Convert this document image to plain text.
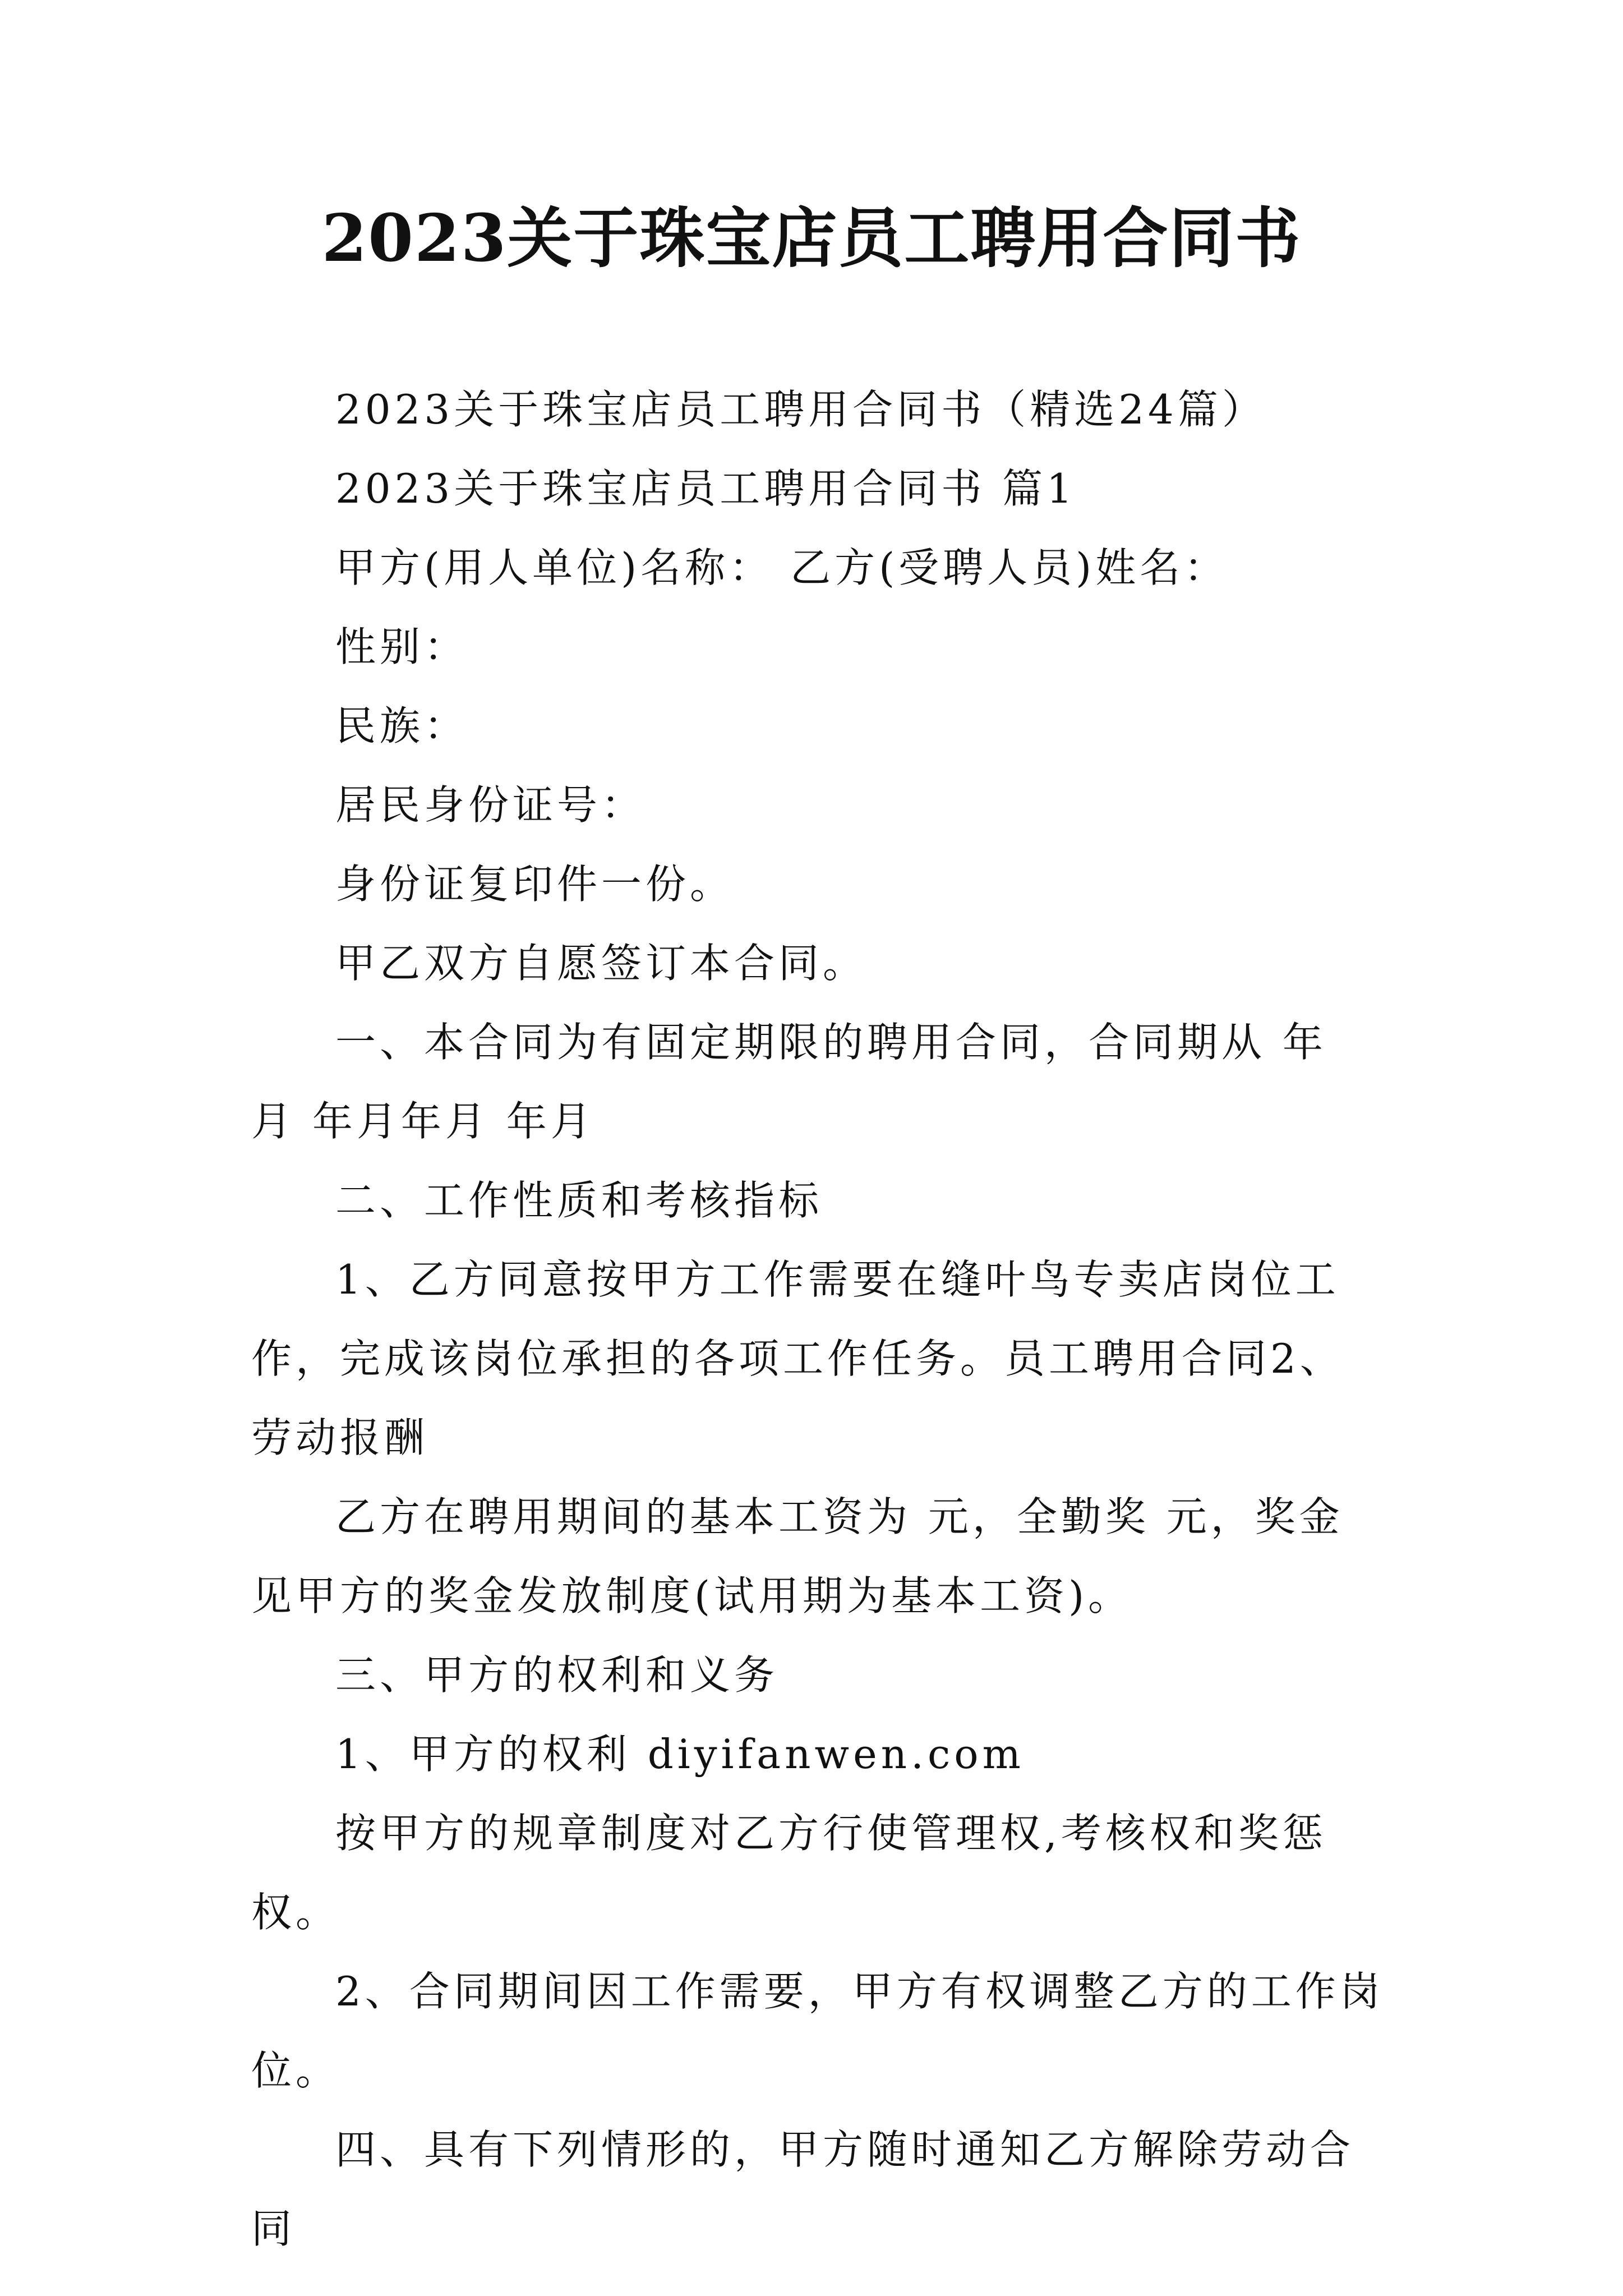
2023关于珠宝店员工聘用合同书

2023关于珠宝店员工聘用合同书（精选24篇）

2023关于珠宝店员工聘用合同书 篇1

甲方(用人单位)名称： 乙方(受聘人员)姓名：

性别：

民族：

居民身份证号：

身份证复印件一份。

甲乙双方自愿签订本合同。

一、本合同为有固定期限的聘用合同，合同期从 年 月 年月年月 年月

二、工作性质和考核指标

1、乙方同意按甲方工作需要在缝叶鸟专卖店岗位工作，完成该岗位承担的各项工作任务。员工聘用合同2、劳动报酬

乙方在聘用期间的基本工资为 元，全勤奖 元，奖金见甲方的奖金发放制度(试用期为基本工资)。

三、甲方的权利和义务

1、甲方的权利 diyifanwen.com

按甲方的规章制度对乙方行使管理权,考核权和奖惩权。

2、合同期间因工作需要，甲方有权调整乙方的工作岗位。

四、具有下列情形的，甲方随时通知乙方解除劳动合同
